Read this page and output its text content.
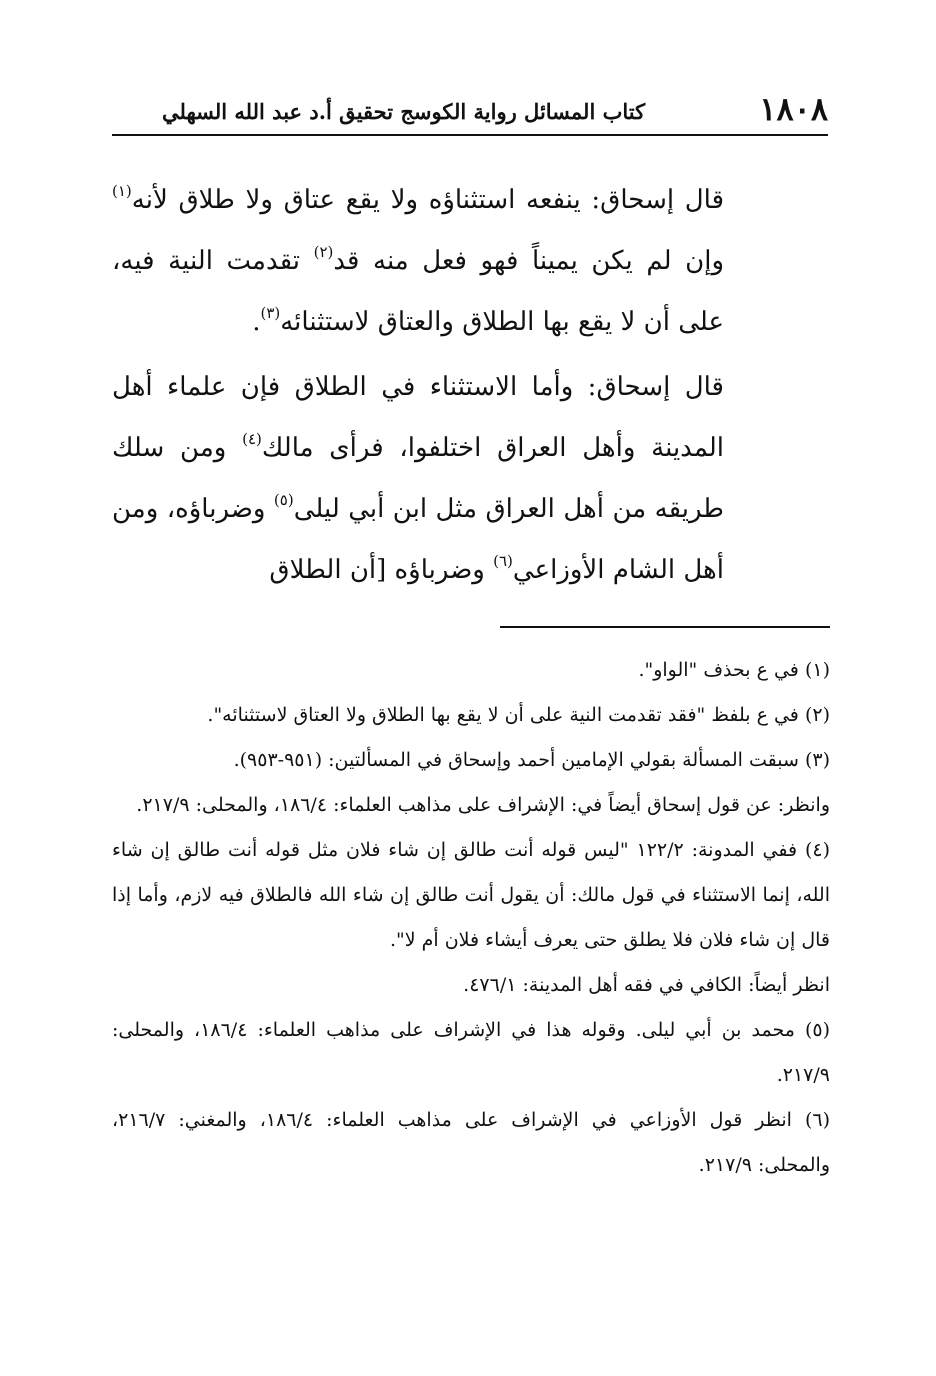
١٨٠٨
كتاب المسائل رواية الكوسج تحقيق أ.د عبد الله السهلي

قال إسحاق: ينفعه استثناؤه ولا يقع عتاق ولا طلاق لأنه$^{(١)}$ وإن لم يكن يميناً فهو فعل منه قد$^{(٢)}$ تقدمت النية فيه، على أن لا يقع بها الطلاق والعتاق لاستثنائه$^{(٣)}$.

قال إسحاق: وأما الاستثناء في الطلاق فإن علماء أهل المدينة وأهل العراق اختلفوا، فرأى مالك$^{(٤)}$ ومن سلك طريقه من أهل العراق مثل ابن أبي ليلى$^{(٥)}$ وضرباؤه، ومن أهل الشام الأوزاعي$^{(٦)}$ وضرباؤه [أن الطلاق

(١) في ع بحذف "الواو".
(٢) في ع بلفظ "فقد تقدمت النية على أن لا يقع بها الطلاق ولا العتاق لاستثنائه".
(٣) سبقت المسألة بقولي الإمامين أحمد وإسحاق في المسألتين: (٩٥١-٩٥٣).
وانظر: عن قول إسحاق أيضاً في: الإشراف على مذاهب العلماء: ١٨٦/٤، والمحلى: ٢١٧/٩.
(٤) ففي المدونة: ١٢٢/٢ "ليس قوله أنت طالق إن شاء فلان مثل قوله أنت طالق إن شاء الله، إنما الاستثناء في قول مالك: أن يقول أنت طالق إن شاء الله فالطلاق فيه لازم، وأما إذا قال إن شاء فلان فلا يطلق حتى يعرف أيشاء فلان أم لا".
انظر أيضاً: الكافي في فقه أهل المدينة: ٤٧٦/١.
(٥) محمد بن أبي ليلى. وقوله هذا في الإشراف على مذاهب العلماء: ١٨٦/٤، والمحلى: ٢١٧/٩.
(٦) انظر قول الأوزاعي في الإشراف على مذاهب العلماء: ١٨٦/٤، والمغني: ٢١٦/٧، والمحلى: ٢١٧/٩.
